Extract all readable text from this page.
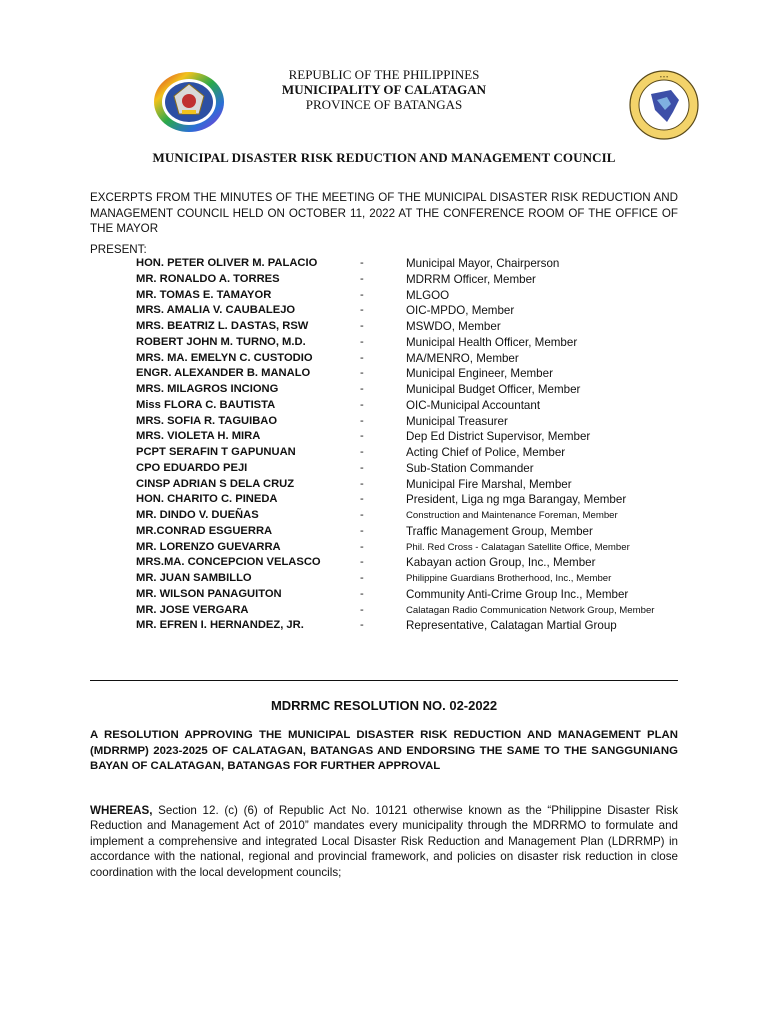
REPUBLIC OF THE PHILIPPINES
MUNICIPALITY OF CALATAGAN
PROVINCE OF BATANGAS
• • •
MUNICIPAL DISASTER RISK REDUCTION AND MANAGEMENT COUNCIL
EXCERPTS FROM THE MINUTES OF THE MEETING OF THE MUNICIPAL DISASTER RISK REDUCTION AND MANAGEMENT COUNCIL HELD ON OCTOBER 11, 2022 AT THE CONFERENCE ROOM OF THE OFFICE OF THE MAYOR
PRESENT:
HON. PETER OLIVER M. PALACIO	-	Municipal Mayor, Chairperson
MR. RONALDO A. TORRES	-	MDRRM Officer, Member
MR. TOMAS E. TAMAYOR	-	MLGOO
MRS. AMALIA V. CAUBALEJO	-	OIC-MPDO, Member
MRS. BEATRIZ L. DASTAS, RSW	-	MSWDO, Member
ROBERT JOHN M. TURNO, M.D.	-	Municipal Health Officer, Member
MRS. MA. EMELYN C. CUSTODIO	-	MA/MENRO, Member
ENGR. ALEXANDER B. MANALO	-	Municipal Engineer, Member
MRS. MILAGROS INCIONG	-	Municipal Budget Officer, Member
Miss FLORA C. BAUTISTA	-	OIC-Municipal Accountant
MRS. SOFIA R. TAGUIBAO	-	Municipal Treasurer
MRS. VIOLETA H. MIRA	-	Dep Ed District Supervisor, Member
PCPT SERAFIN T GAPUNUAN	-	Acting Chief of Police, Member
CPO EDUARDO PEJI	-	Sub-Station Commander
CINSP ADRIAN S DELA CRUZ	-	Municipal Fire Marshal, Member
HON. CHARITO C. PINEDA	-	President, Liga ng mga Barangay, Member
MR. DINDO V. DUEÑAS	-	Construction and Maintenance Foreman, Member
MR.CONRAD ESGUERRA	-	Traffic Management Group, Member
MR. LORENZO GUEVARRA	-	Phil. Red Cross - Calatagan Satellite Office, Member
MRS.MA. CONCEPCION VELASCO	-	Kabayan action Group, Inc., Member
MR. JUAN SAMBILLO	-	Philippine Guardians Brotherhood, Inc., Member
MR. WILSON PANAGUITON	-	Community Anti-Crime Group Inc., Member
MR. JOSE VERGARA	-	Calatagan Radio Communication Network Group, Member
MR. EFREN I. HERNANDEZ, JR.	-	Representative, Calatagan Martial Group
MDRRMC RESOLUTION NO. 02-2022
A RESOLUTION APPROVING THE MUNICIPAL DISASTER RISK REDUCTION AND MANAGEMENT PLAN (MDRRMP) 2023-2025 OF CALATAGAN, BATANGAS AND ENDORSING THE SAME TO THE SANGGUNIANG BAYAN OF CALATAGAN, BATANGAS FOR FURTHER APPROVAL
WHEREAS, Section 12. (c) (6) of Republic Act No. 10121 otherwise known as the “Philippine Disaster Risk Reduction and Management Act of 2010” mandates every municipality through the MDRRMO to formulate and implement a comprehensive and integrated Local Disaster Risk Reduction and Management Plan (LDRRMP) in accordance with the national, regional and provincial framework, and policies on disaster risk reduction in close coordination with the local development councils;
